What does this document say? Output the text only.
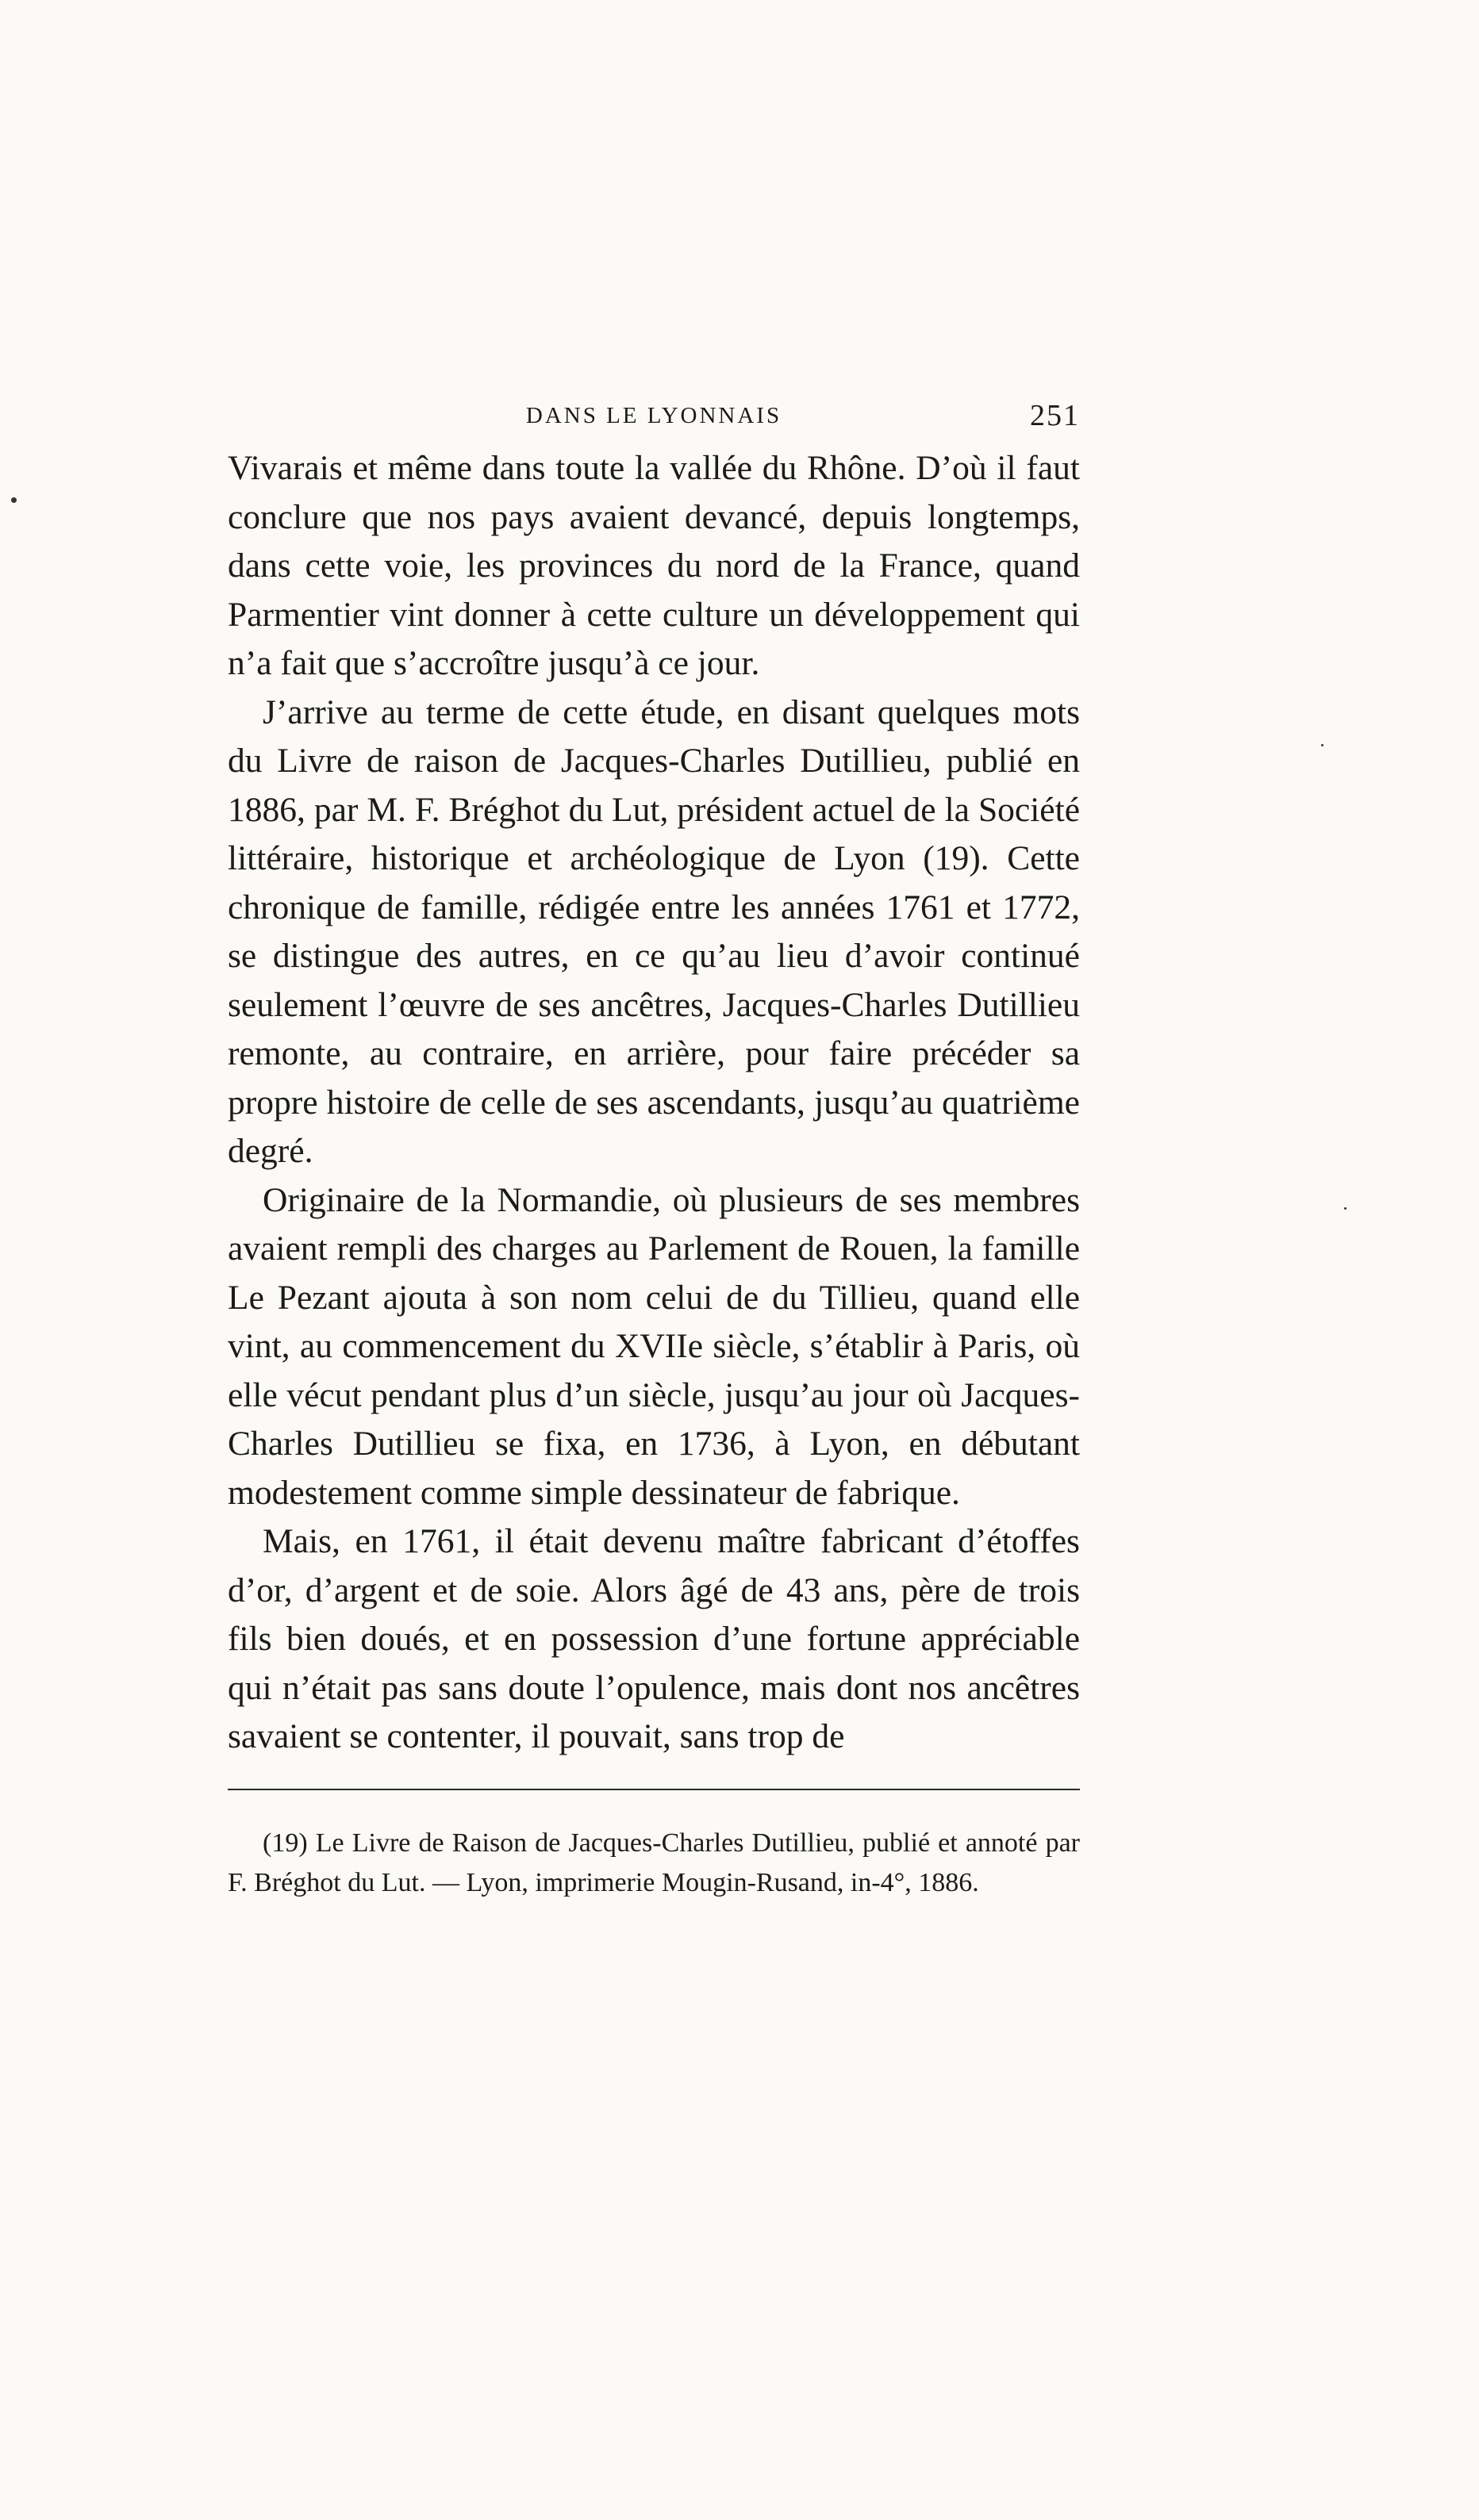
DANS LE LYONNAIS	251

Vivarais et même dans toute la vallée du Rhône. D’où il faut conclure que nos pays avaient devancé, depuis longtemps, dans cette voie, les provinces du nord de la France, quand Parmentier vint donner à cette culture un développement qui n’a fait que s’accroître jusqu’à ce jour.

J’arrive au terme de cette étude, en disant quelques mots du Livre de raison de Jacques-Charles Dutillieu, publié en 1886, par M. F. Bréghot du Lut, président actuel de la Société littéraire, historique et archéologique de Lyon (19). Cette chronique de famille, rédigée entre les années 1761 et 1772, se distingue des autres, en ce qu’au lieu d’avoir continué seulement l’œuvre de ses ancêtres, Jacques-Charles Dutillieu remonte, au contraire, en arrière, pour faire précéder sa propre histoire de celle de ses ascendants, jusqu’au quatrième degré.

Originaire de la Normandie, où plusieurs de ses membres avaient rempli des charges au Parlement de Rouen, la famille Le Pezant ajouta à son nom celui de du Tillieu, quand elle vint, au commencement du XVIIe siècle, s’établir à Paris, où elle vécut pendant plus d’un siècle, jusqu’au jour où Jacques-Charles Dutillieu se fixa, en 1736, à Lyon, en débutant modestement comme simple dessinateur de fabrique.

Mais, en 1761, il était devenu maître fabricant d’étoffes d’or, d’argent et de soie. Alors âgé de 43 ans, père de trois fils bien doués, et en possession d’une fortune appréciable qui n’était pas sans doute l’opulence, mais dont nos ancêtres savaient se contenter, il pouvait, sans trop de

(19) Le Livre de Raison de Jacques-Charles Dutillieu, publié et annoté par F. Bréghot du Lut. — Lyon, imprimerie Mougin-Rusand, in-4°, 1886.
